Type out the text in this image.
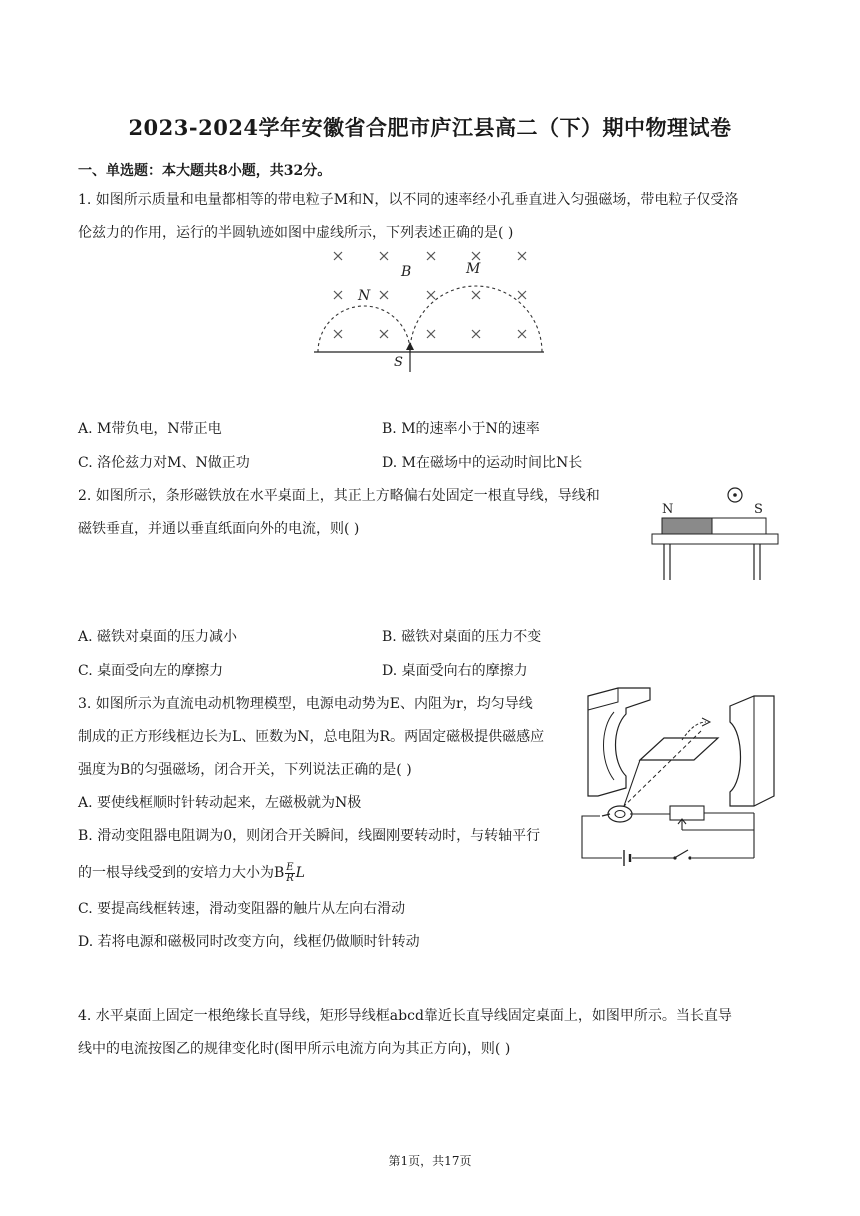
2023-2024学年安徽省合肥市庐江县高二（下）期中物理试卷
一、单选题：本大题共8小题，共32分。
1. 如图所示质量和电量都相等的带电粒子M和N，以不同的速率经小孔垂直进入匀强磁场，带电粒子仅受洛
伦兹力的作用，运行的半圆轨迹如图中虚线所示，下列表述正确的是( )
B	M
N
S
A. M带负电，N带正电	B. M的速率小于N的速率
C. 洛伦兹力对M、N做正功	D. M在磁场中的运动时间比N长
2. 如图所示，条形磁铁放在水平桌面上，其正上方略偏右处固定一根直导线，导线和
磁铁垂直，并通以垂直纸面向外的电流，则( )
N	S
A. 磁铁对桌面的压力减小	B. 磁铁对桌面的压力不变
C. 桌面受向左的摩擦力	D. 桌面受向右的摩擦力
3. 如图所示为直流电动机物理模型，电源电动势为E、内阻为r，均匀导线
制成的正方形线框边长为L、匝数为N，总电阻为R。两固定磁极提供磁感应
强度为B的匀强磁场，闭合开关，下列说法正确的是( )
A. 要使线框顺时针转动起来，左磁极就为N极
B. 滑动变阻器电阻调为0，则闭合开关瞬间，线圈刚要转动时，与转轴平行
的一根导线受到的安培力大小为B $\frac{E}{R}$ L
C. 要提高线框转速，滑动变阻器的触片从左向右滑动
D. 若将电源和磁极同时改变方向，线框仍做顺时针转动
4. 水平桌面上固定一根绝缘长直导线，矩形导线框abcd靠近长直导线固定桌面上，如图甲所示。当长直导
线中的电流按图乙的规律变化时(图甲所示电流方向为其正方向)，则( )
第1页，共17页
